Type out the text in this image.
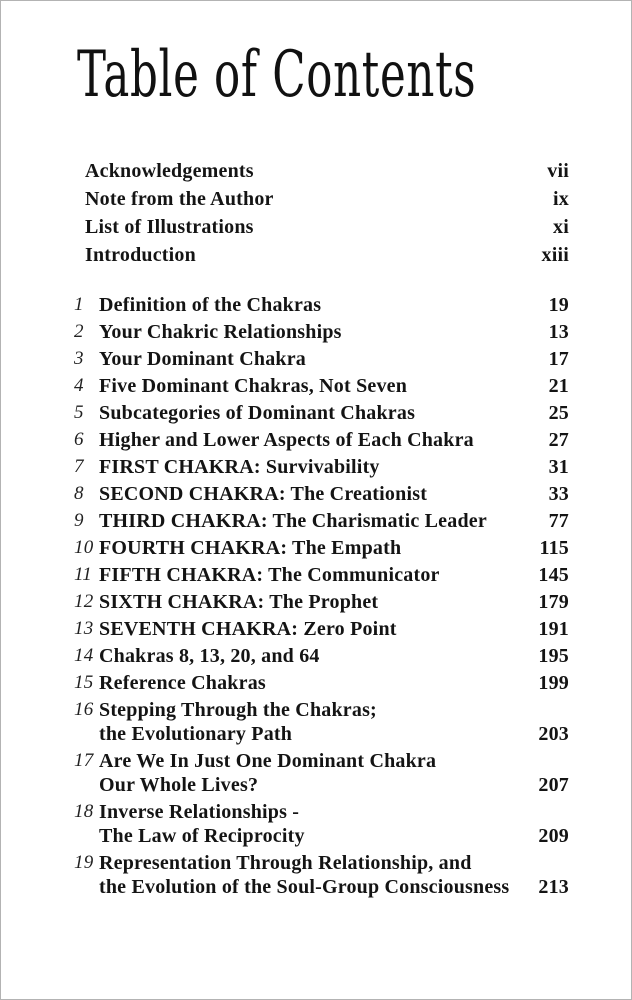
Table of Contents
Acknowledgements	vii
Note from the Author	ix
List of Illustrations	xi
Introduction	xiii
1 Definition of the Chakras	19
2 Your Chakric Relationships	13
3 Your Dominant Chakra	17
4 Five Dominant Chakras, Not Seven	21
5 Subcategories of Dominant Chakras	25
6 Higher and Lower Aspects of Each Chakra	27
7 FIRST CHAKRA: Survivability	31
8 SECOND CHAKRA: The Creationist	33
9 THIRD CHAKRA: The Charismatic Leader	77
10 FOURTH CHAKRA: The Empath	115
11 FIFTH CHAKRA: The Communicator	145
12 SIXTH CHAKRA: The Prophet	179
13 SEVENTH CHAKRA: Zero Point	191
14 Chakras 8, 13, 20, and 64	195
15 Reference Chakras	199
16 Stepping Through the Chakras;
the Evolutionary Path	203
17 Are We In Just One Dominant Chakra
Our Whole Lives?	207
18 Inverse Relationships -
The Law of Reciprocity	209
19 Representation Through Relationship, and
the Evolution of the Soul-Group Consciousness	213
